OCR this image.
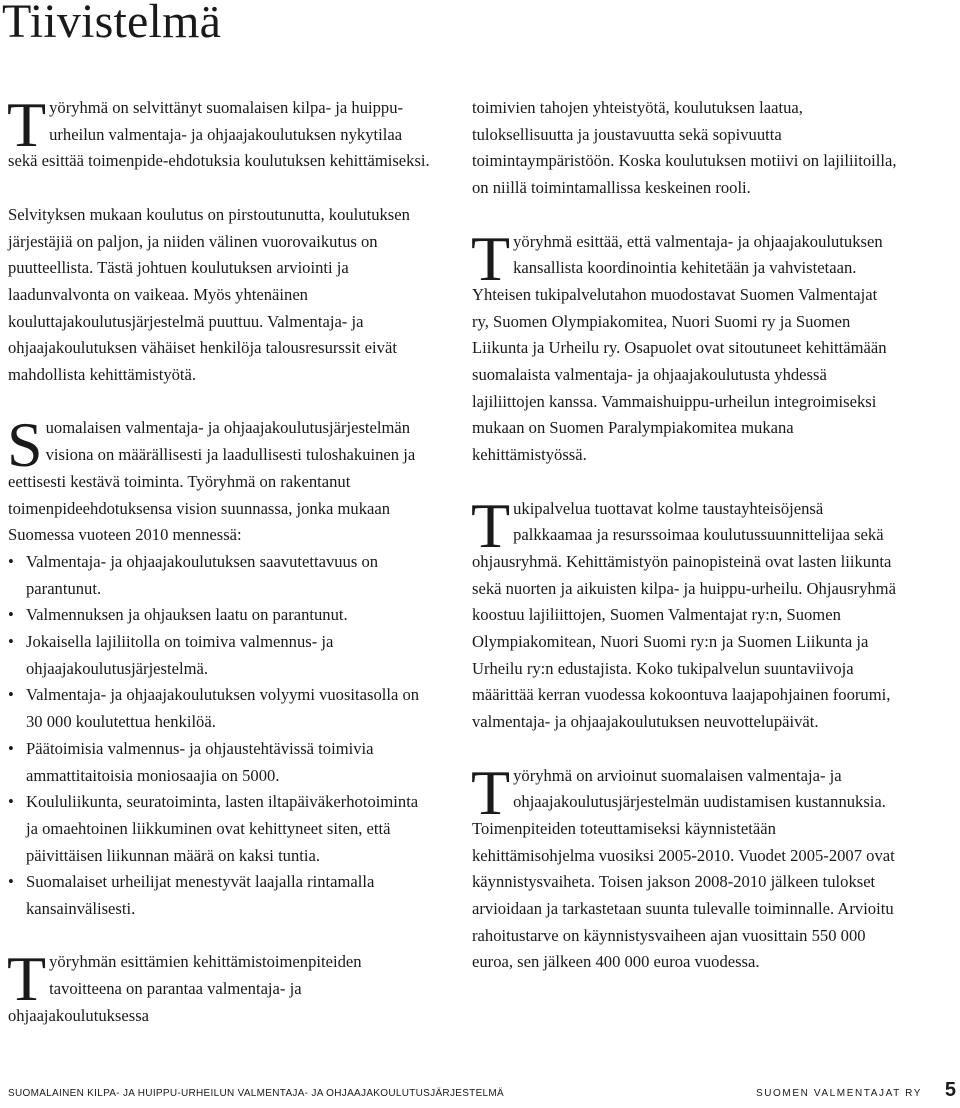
Tiivistelmä

Työryhmä on selvittänyt suomalaisen kilpa- ja huippu-urheilun valmentaja- ja ohjaajakoulutuksen nykytilaa sekä esittää toimenpide-ehdotuksia koulutuksen kehittämiseksi.

Selvityksen mukaan koulutus on pirstoutunutta, koulutuksen järjestäjiä on paljon, ja niiden välinen vuorovaikutus on puutteellista. Tästä johtuen koulutuksen arviointi ja laadunvalvonta on vaikeaa. Myös yhtenäinen kouluttajakoulutusjärjestelmä puuttuu. Valmentaja- ja ohjaajakoulutuksen vähäiset henkilöja talousresurssit eivät mahdollista kehittämistyötä.

Suomalaisen valmentaja- ja ohjaajakoulutusjärjestelmän visiona on määrällisesti ja laadullisesti tuloshakuinen ja eettisesti kestävä toiminta. Työryhmä on rakentanut toimenpideehdotuksensa vision suunnassa, jonka mukaan Suomessa vuoteen 2010 mennessä:

• Valmentaja- ja ohjaajakoulutuksen saavutettavuus on parantunut.
• Valmennuksen ja ohjauksen laatu on parantunut.
• Jokaisella lajiliitolla on toimiva valmennus- ja ohjaajakoulutusjärjestelmä.
• Valmentaja- ja ohjaajakoulutuksen volyymi vuositasolla on 30 000 koulutettua henkilöä.
• Päätoimisia valmennus- ja ohjaustehtävissä toimivia ammattitaitoisia moniosaajia on 5000.
• Koululiikunta, seuratoiminta, lasten iltapäiväkerhotoiminta ja omaehtoinen liikkuminen ovat kehittyneet siten, että päivittäisen liikunnan määrä on kaksi tuntia.
• Suomalaiset urheilijat menestyvät laajalla rintamalla kansainvälisesti.

Työryhmän esittämien kehittämistoimenpiteiden tavoitteena on parantaa valmentaja- ja ohjaajakoulutuksessa

toimivien tahojen yhteistyötä, koulutuksen laatua, tuloksellisuutta ja joustavuutta sekä sopivuutta toimintaympäristöön. Koska koulutuksen motiivi on lajiliitoilla, on niillä toimintamallissa keskeinen rooli.

Työryhmä esittää, että valmentaja- ja ohjaajakoulutuksen kansallista koordinointia kehitetään ja vahvistetaan. Yhteisen tukipalvelutahon muodostavat Suomen Valmentajat ry, Suomen Olympiakomitea, Nuori Suomi ry ja Suomen Liikunta ja Urheilu ry. Osapuolet ovat sitoutuneet kehittämään suomalaista valmentaja- ja ohjaajakoulutusta yhdessä lajiliittojen kanssa. Vammaishuippu-urheilun integroimiseksi mukaan on Suomen Paralympiakomitea mukana kehittämistyössä.

Tukipalvelua tuottavat kolme taustayhteisöjensä palkkaamaa ja resurssoimaa koulutussuunnittelijaa sekä ohjausryhmä. Kehittämistyön painopisteinä ovat lasten liikunta sekä nuorten ja aikuisten kilpa- ja huippu-urheilu. Ohjausryhmä koostuu lajiliittojen, Suomen Valmentajat ry:n, Suomen Olympiakomitean, Nuori Suomi ry:n ja Suomen Liikunta ja Urheilu ry:n edustajista. Koko tukipalvelun suuntaviivoja määrittää kerran vuodessa kokoontuva laajapohjainen foorumi, valmentaja- ja ohjaajakoulutuksen neuvottelupäivät.

Työryhmä on arvioinut suomalaisen valmentaja- ja ohjaajakoulutusjärjestelmän uudistamisen kustannuksia. Toimenpiteiden toteuttamiseksi käynnistetään kehittämisohjelma vuosiksi 2005-2010. Vuodet 2005-2007 ovat käynnistysvaiheta. Toisen jakson 2008-2010 jälkeen tulokset arvioidaan ja tarkastetaan suunta tulevalle toiminnalle. Arvioitu rahoitustarve on käynnistysvaiheen ajan vuosittain 550 000 euroa, sen jälkeen 400 000 euroa vuodessa.

SUOMALAINEN KILPA- JA HUIPPU-URHEILUN VALMENTAJA- JA OHJAAJAKOULUTUSJÄRJESTELMÄ	SUOMEN VALMENTAJAT RY 5
